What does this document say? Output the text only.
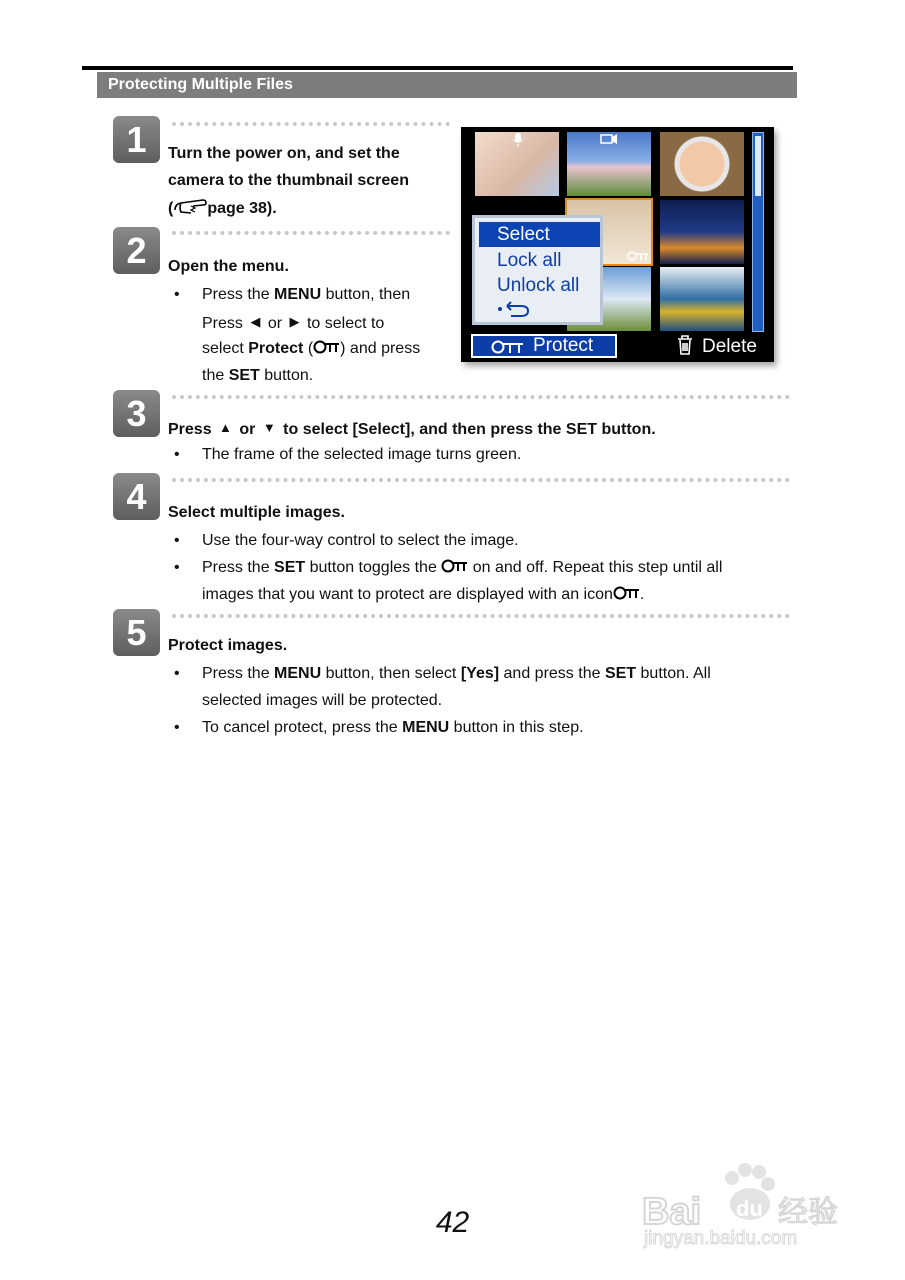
Protecting Multiple Files
1	Turn the power on, and set the
camera to the thumbnail screen
( page 38).
2	Open the menu.
• Press the MENU button, then
Press ◀ or ▶ to select to
select Protect ( ) and press
the SET button.
Select
Lock all
Unlock all
Protect	Delete
3	Press ▲ or ▼ to select [Select], and then press the SET button.
• The frame of the selected image turns green.
4	Select multiple images.
• Use the four-way control to select the image.
• Press the SET button toggles the on and off. Repeat this step until all
images that you want to protect are displayed with an icon .
5	Protect images.
• Press the MENU button, then select [Yes] and press the SET button. All
selected images will be protected.
• To cancel protect, press the MENU button in this step.
42	Bai du 经验
jingyan.baidu.com
